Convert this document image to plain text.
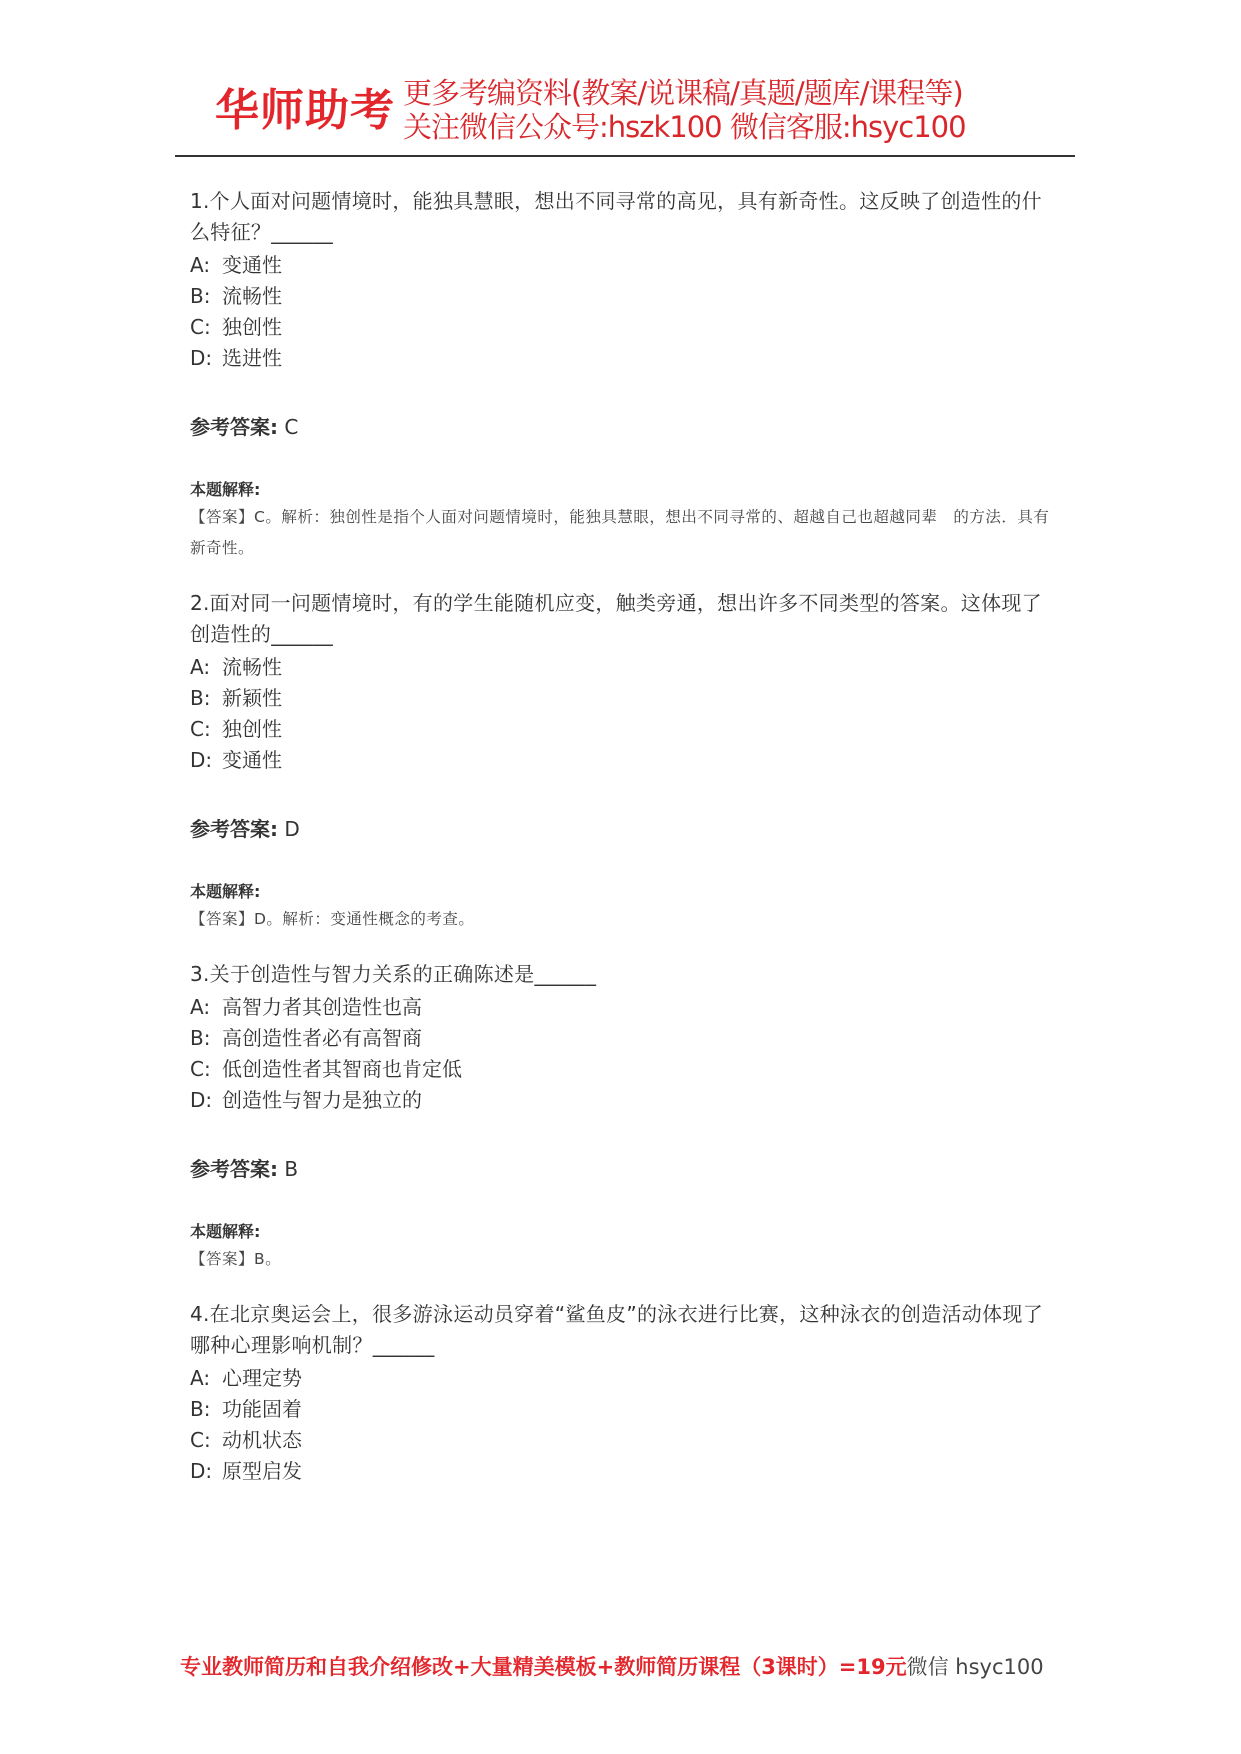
华师助考 更多考编资料(教案/说课稿/真题/题库/课程等)
关注微信公众号:hszk100 微信客服:hsyc100

1.个人面对问题情境时，能独具慧眼，想出不同寻常的高见，具有新奇性。这反映了创造性的什么特征？______

A: 变通性
B: 流畅性
C: 独创性
D: 选进性
参考答案: C
本题解释:
【答案】C。解析：独创性是指个人面对问题情境时，能独具慧眼，想出不同寻常的、超越自己也超越同辈　的方法．具有新奇性。

2.面对同一问题情境时，有的学生能随机应变，触类旁通，想出许多不同类型的答案。这体现了创造性的______

A: 流畅性
B: 新颖性
C: 独创性
D: 变通性
参考答案: D
本题解释:
【答案】D。解析：变通性概念的考查。

3.关于创造性与智力关系的正确陈述是______

A: 高智力者其创造性也高
B: 高创造性者必有高智商
C: 低创造性者其智商也肯定低
D: 创造性与智力是独立的
参考答案: B
本题解释:
【答案】B。

4.在北京奥运会上，很多游泳运动员穿着“鲨鱼皮”的泳衣进行比赛，这种泳衣的创造活动体现了哪种心理影响机制？______

A: 心理定势
B: 功能固着
C: 动机状态
D: 原型启发
专业教师简历和自我介绍修改+大量精美模板+教师简历课程（3课时）=19元微信 hsyc100
